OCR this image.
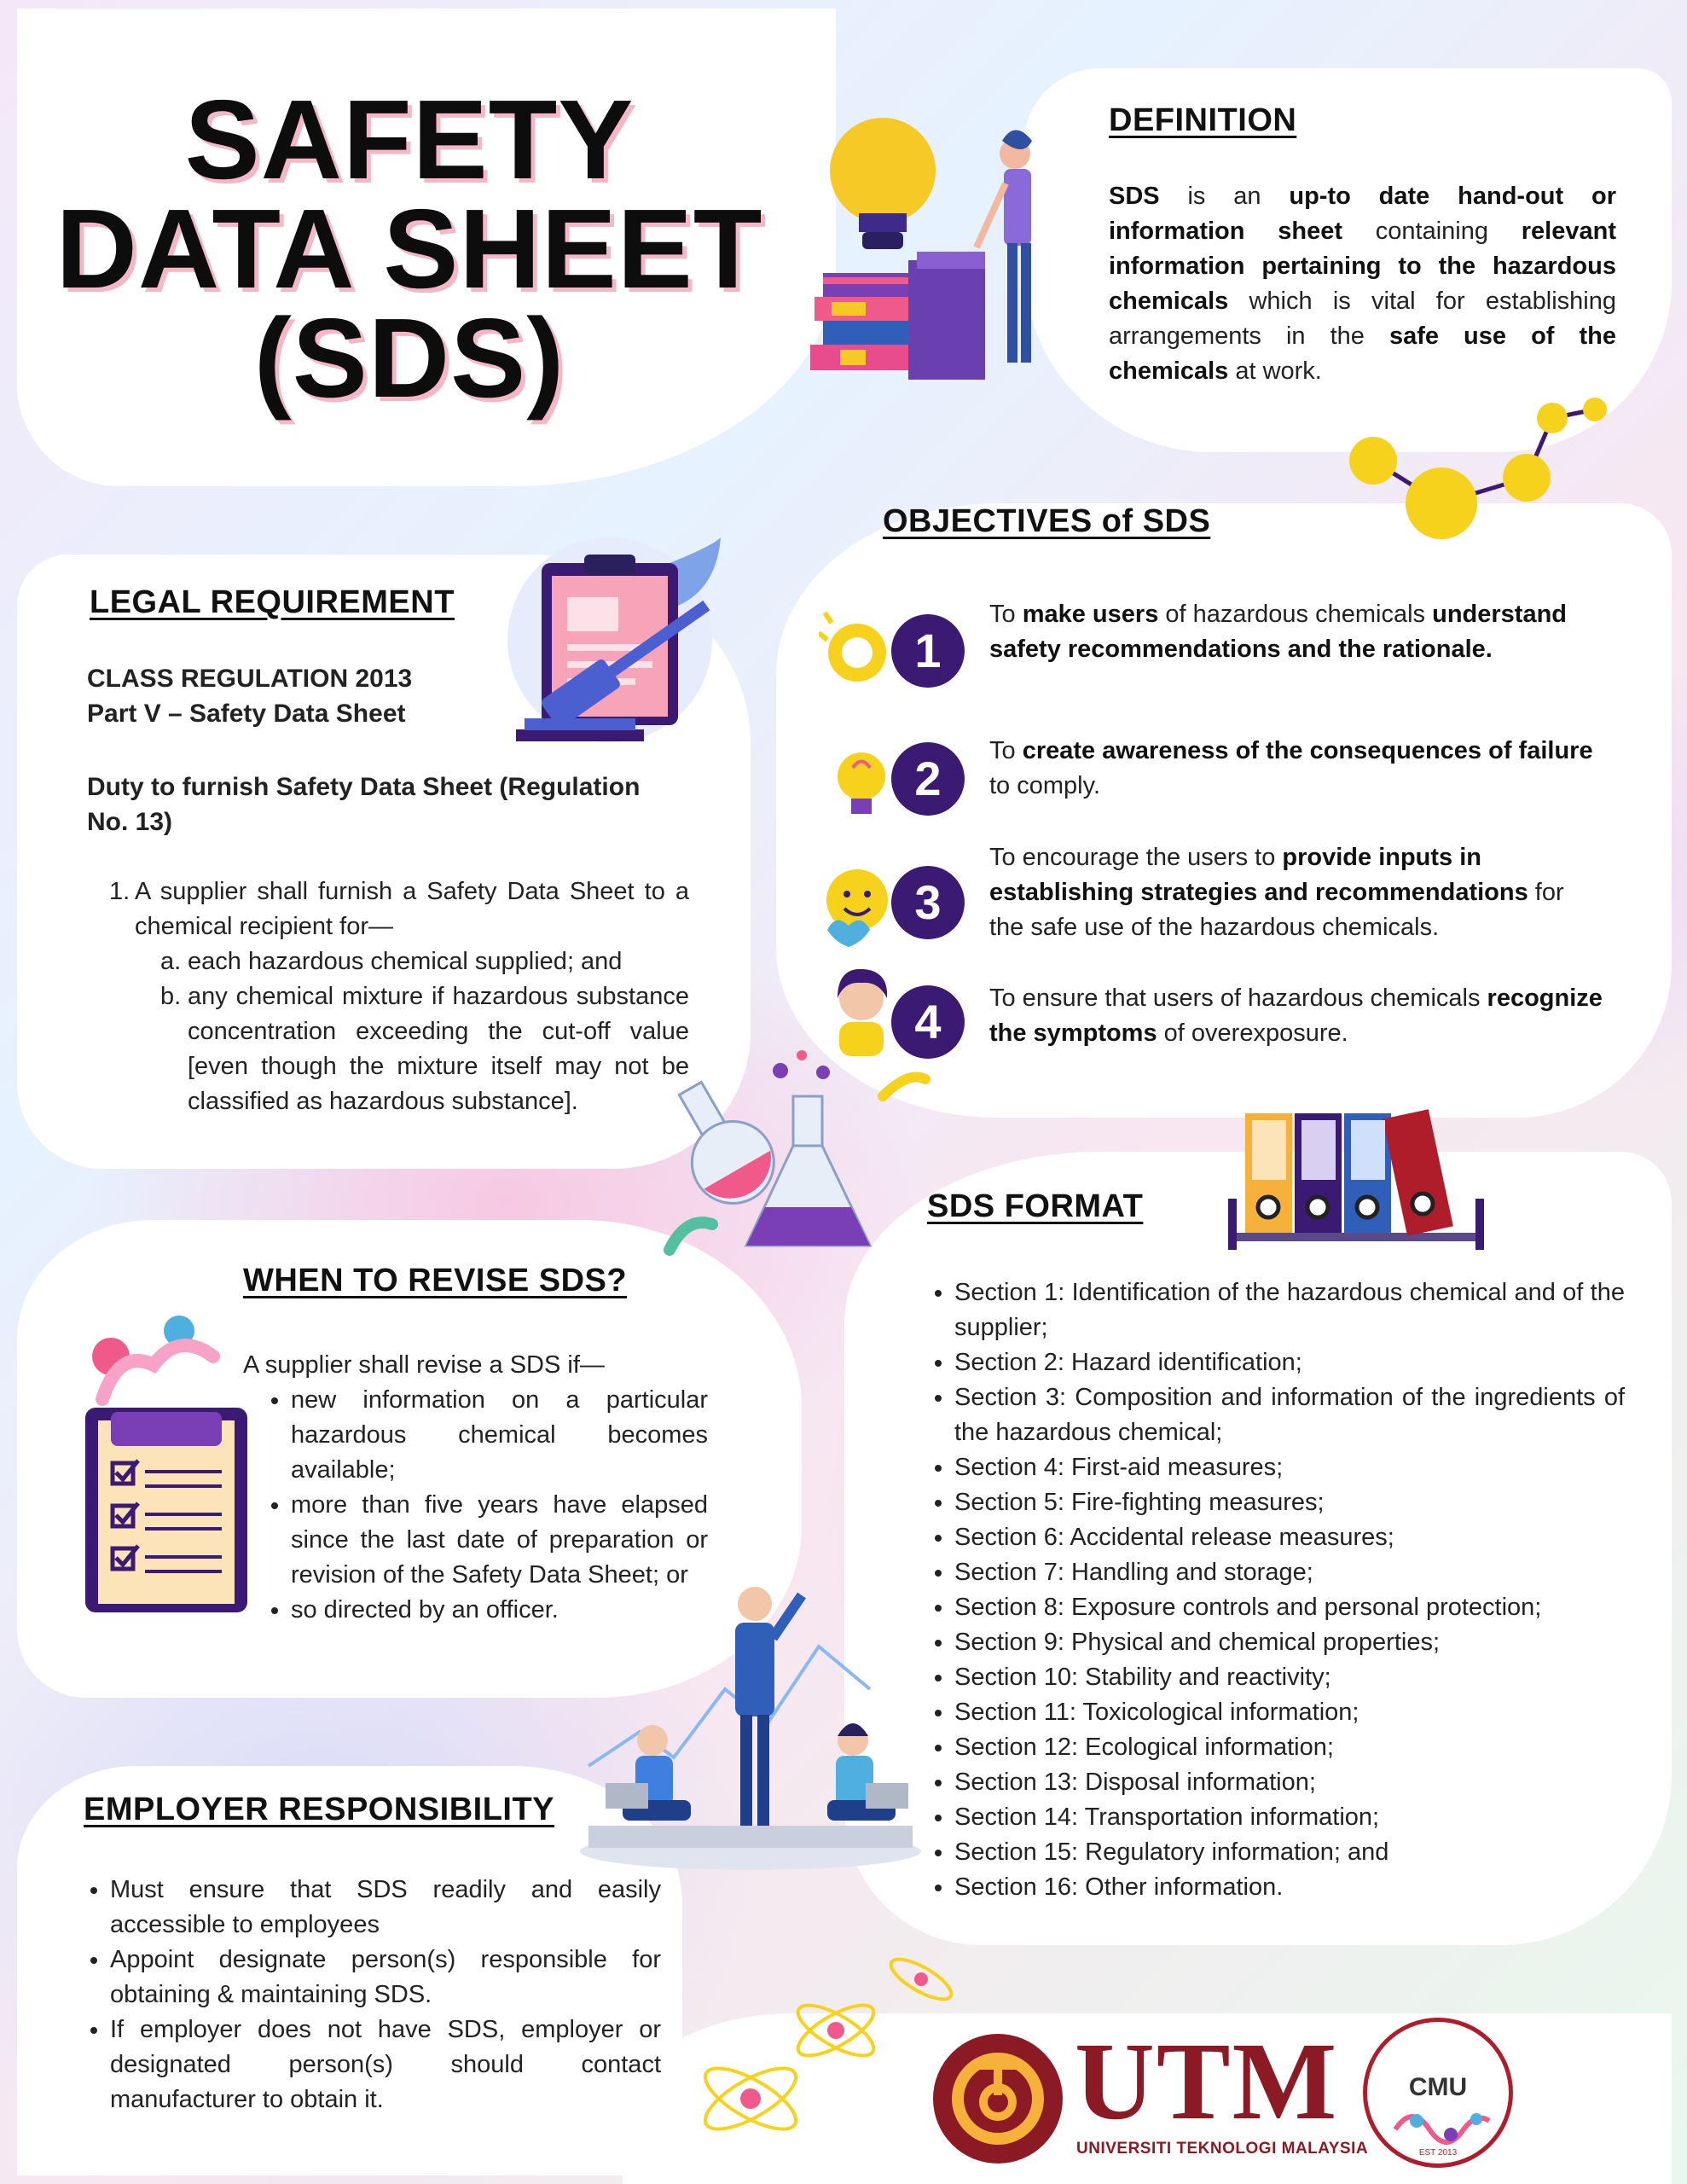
SAFETY
DATA SHEET
(SDS)
DEFINITION
SDS is an up-to date hand-out or information sheet containing relevant information pertaining to the hazardous chemicals which is vital for establishing arrangements in the safe use of the chemicals at work.
OBJECTIVES of SDS
1
To make users of hazardous chemicals understand safety recommendations and the rationale.
2
To create awareness of the consequences of failure to comply.
3
To encourage the users to provide inputs in establishing strategies and recommendations for the safe use of the hazardous chemicals.
4	To ensure that users of hazardous chemicals recognize the symptoms of overexposure.
LEGAL REQUIREMENT
CLASS REGULATION 2013
Part V – Safety Data Sheet
Duty to furnish Safety Data Sheet (Regulation No. 13)
1. A supplier shall furnish a Safety Data Sheet to a chemical recipient for—
a. each hazardous chemical supplied; and
b. any chemical mixture if hazardous substance concentration exceeding the cut-off value [even though the mixture itself may not be classified as hazardous substance].
SDS FORMAT
• Section 1: Identification of the hazardous chemical and of the supplier;
• Section 2: Hazard identification;
• Section 3: Composition and information of the ingredients of the hazardous chemical;
• Section 4: First-aid measures;
• Section 5: Fire-fighting measures;
• Section 6: Accidental release measures;
• Section 7: Handling and storage;
• Section 8: Exposure controls and personal protection;
• Section 9: Physical and chemical properties;
• Section 10: Stability and reactivity;
• Section 11: Toxicological information;
• Section 12: Ecological information;
• Section 13: Disposal information;
• Section 14: Transportation information;
• Section 15: Regulatory information; and
• Section 16: Other information.
WHEN TO REVISE SDS?
A supplier shall revise a SDS if—
• new information on a particular hazardous chemical becomes available;
• more than five years have elapsed since the last date of preparation or revision of the Safety Data Sheet; or
• so directed by an officer.
EMPLOYER RESPONSIBILITY
• Must ensure that SDS readily and easily accessible to employees
• Appoint designate person(s) responsible for obtaining & maintaining SDS.
• If employer does not have SDS, employer or designated person(s) should contact manufacturer to obtain it.	UTM
UNIVERSITI TEKNOLOGI MALAYSIA
CMU
EST 2013
